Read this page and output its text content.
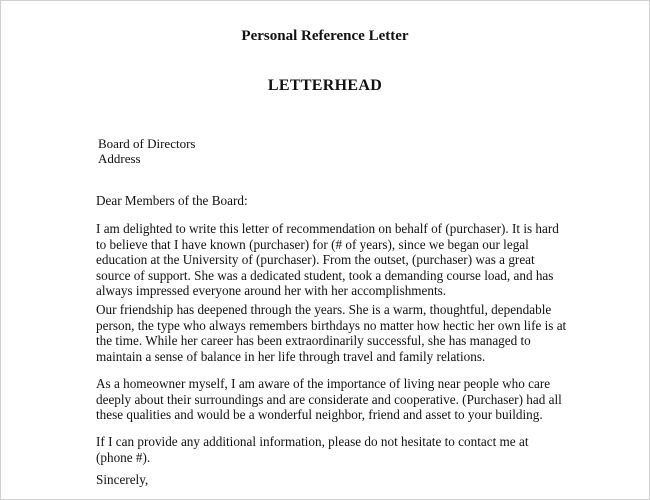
Personal Reference Letter
LETTERHEAD
Board of Directors
Address
Dear Members of the Board:
I am delighted to write this letter of recommendation on behalf of (purchaser). It is hard
to believe that I have known (purchaser) for (# of years), since we began our legal
education at the University of (purchaser). From the outset, (purchaser) was a great
source of support. She was a dedicated student, took a demanding course load, and has
always impressed everyone around her with her accomplishments.
Our friendship has deepened through the years. She is a warm, thoughtful, dependable
person, the type who always remembers birthdays no matter how hectic her own life is at
the time. While her career has been extraordinarily successful, she has managed to
maintain a sense of balance in her life through travel and family relations.
As a homeowner myself, I am aware of the importance of living near people who care
deeply about their surroundings and are considerate and cooperative. (Purchaser) had all
these qualities and would be a wonderful neighbor, friend and asset to your building.
If I can provide any additional information, please do not hesitate to contact me at
(phone #).
Sincerely,
